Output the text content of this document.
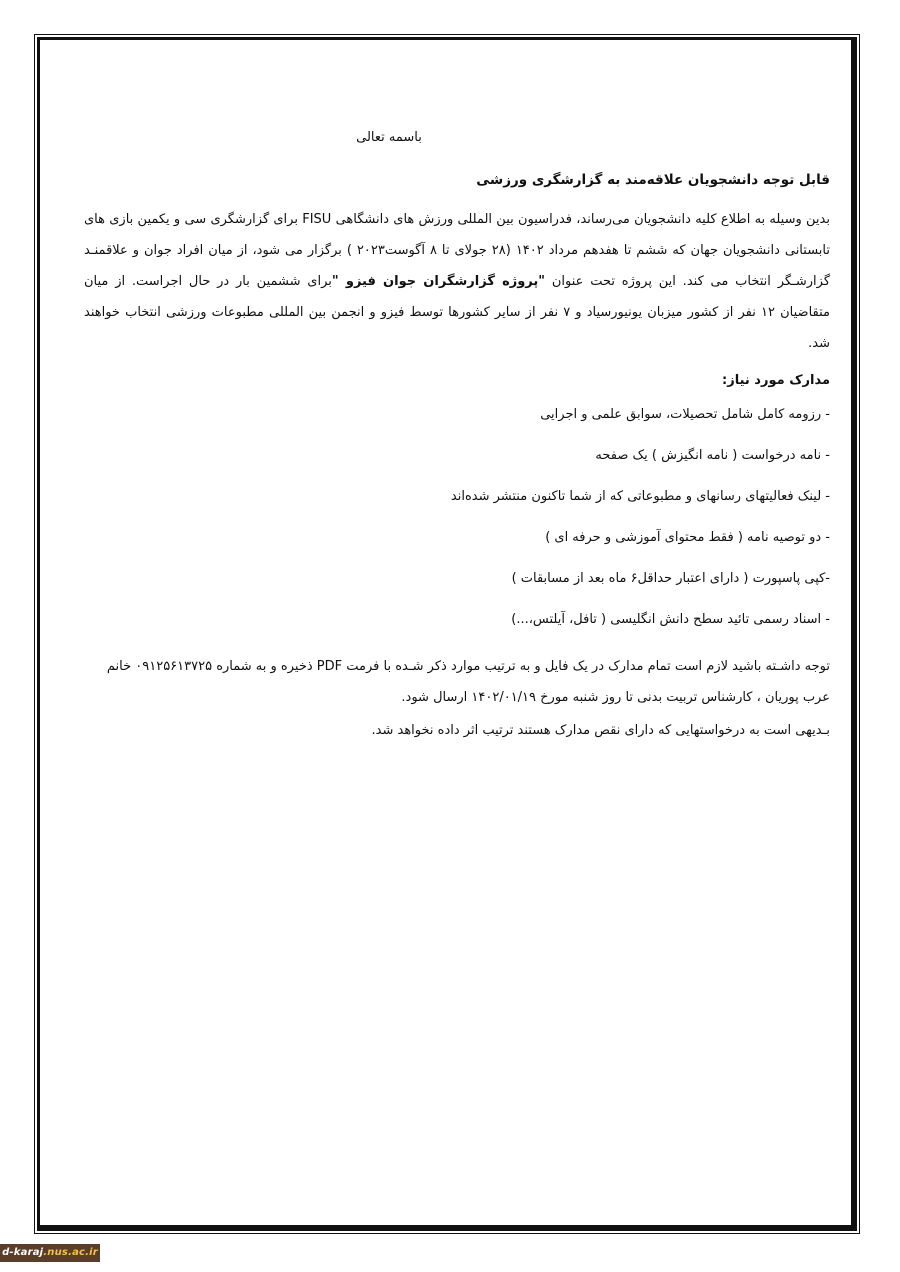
باسمه تعالی

قابل توجه دانشجویان علاقه‌مند به گزارشگری ورزشی

بدین وسیله به اطلاع کلیه دانشجویان می‌رساند، فدراسیون بین المللی ورزش های دانشگاهی FISU برای گزارشگری سی و یکمین بازی های تابستانی دانشجویان جهان که ششم تا هفدهم مرداد ۱۴۰۲ (۲۸ جولای تا ۸ آگوست۲۰۲۳ ) برگزار می شود، از میان افراد جوان و علاقمنـد گزارشـگر انتخاب می کند. این پروژه تحت عنوان "پروژه گزارشگران جوان فیزو "برای ششمین بار در حال اجراست. از میان متقاضیان ۱۲ نفر از کشور میزبان یونیورسیاد و ۷ نفر از سایر کشورها توسط فیزو و انجمن بین المللی مطبوعات ورزشی انتخاب خواهند شد.

مدارک مورد نیاز:

- رزومه کامل شامل تحصیلات، سوابق علمی و اجرایی
- نامه درخواست ( نامه انگیزش ) یک صفحه
- لینک فعالیتهای رسانهای و مطبوعاتی که از شما تاکنون منتشر شده‌اند
- دو توصیه نامه ( فقط محتوای آموزشی و حرفه ای )
-کپی پاسپورت ( دارای اعتبار حداقل۶ ماه بعد از مسابقات )
- اسناد رسمی تائید سطح دانش انگلیسی ( تافل، آیلتس،...)

توجه داشـته باشید لازم است تمام مدارک در یک فایل و به ترتیب موارد ذکر شـده با فرمت PDF ذخیره و به شماره ۰۹۱۲۵۶۱۳۷۲۵ خانم عرب پوریان ، کارشناس تربیت بدنی تا روز شنبه مورخ ۱۴۰۲/۰۱/۱۹ ارسال شود.

بـدیهی است به درخواستهایی که دارای نقص مدارک هستند ترتیب اثر داده نخواهد شد.

d-karaj.nus.ac.ir
